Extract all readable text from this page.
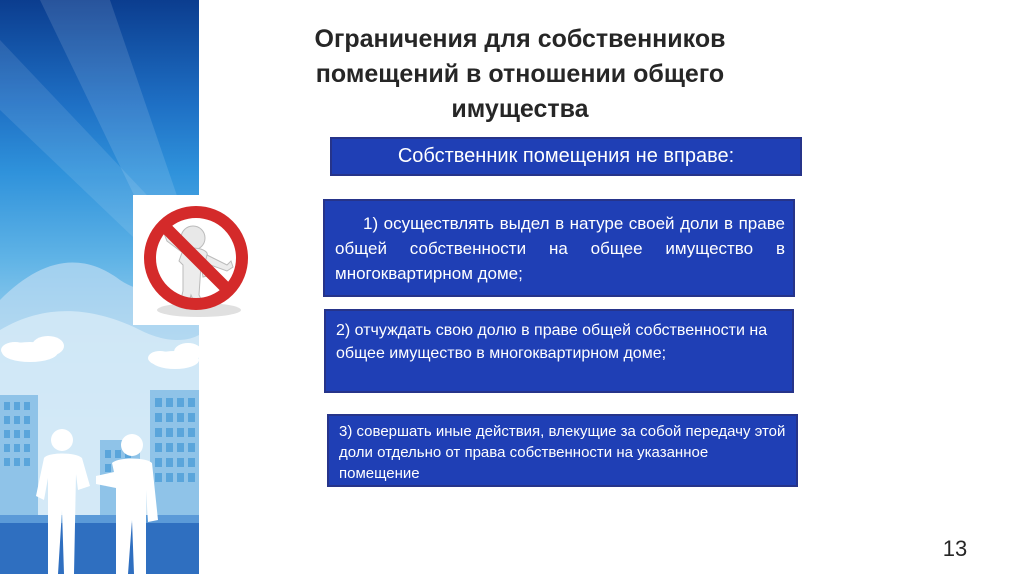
Ограничения для собственников помещений в отношении общего имущества
Собственник помещения не вправе:
1) осуществлять выдел в натуре своей доли в праве общей собственности на общее имущество в многоквартирном доме;
2) отчуждать свою долю в праве общей собственности на общее имущество в многоквартирном доме;
3) совершать иные действия, влекущие за собой передачу этой доли отдельно от права собственности на указанное помещение
13
